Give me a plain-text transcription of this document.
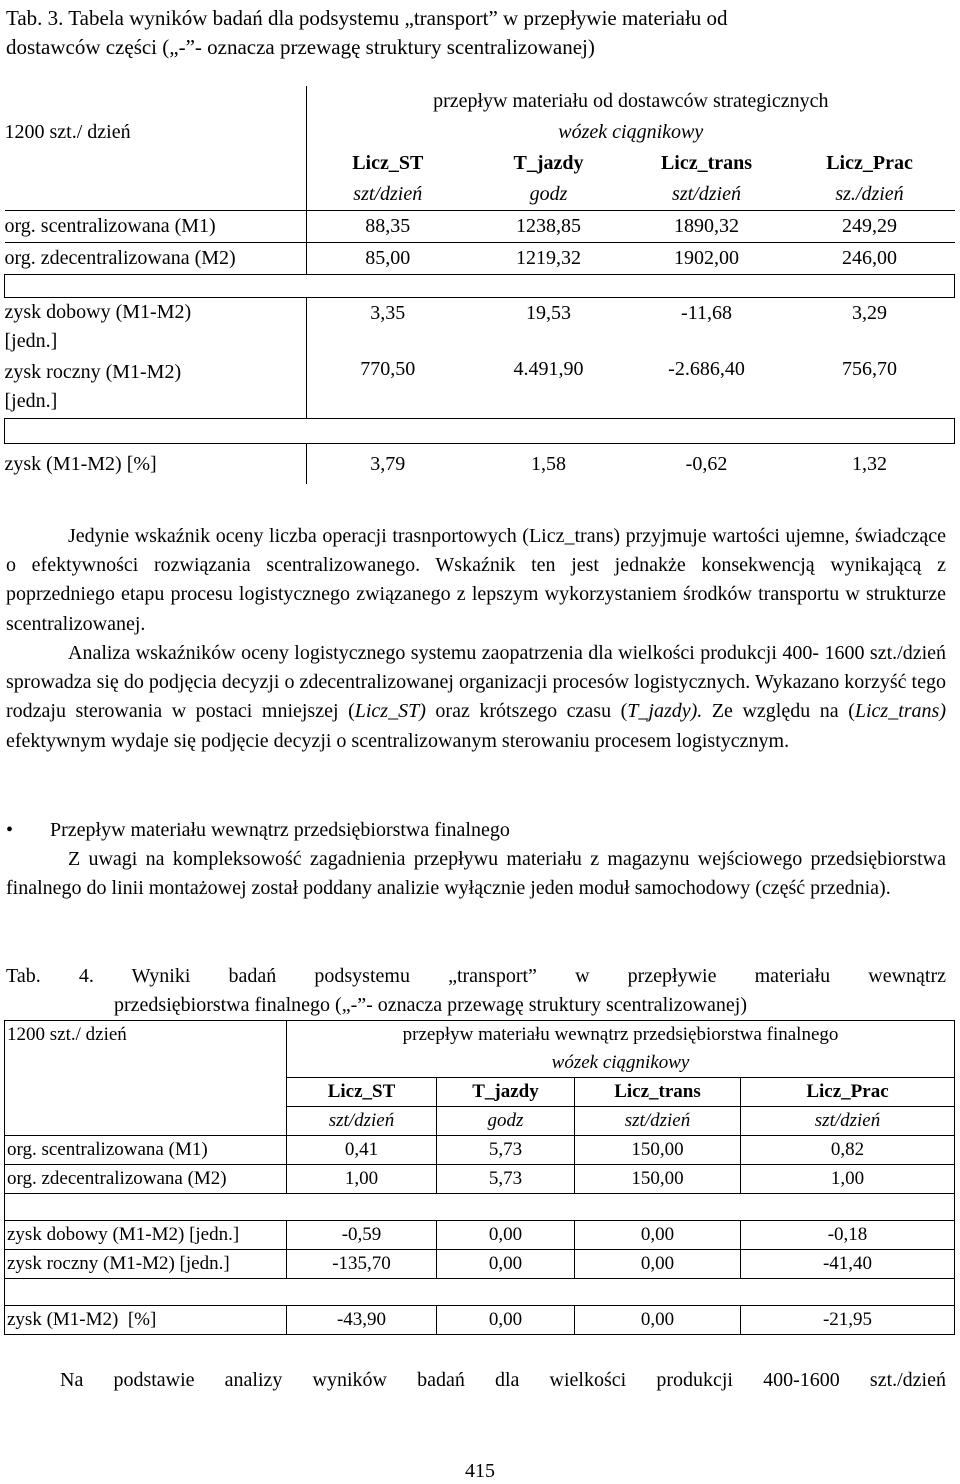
Tab. 3. Tabela wyników badań dla podsystemu „transport” w przepływie materiału od
dostawców części („-”- oznacza przewagę struktury scentralizowanej)
	przepływ materiału od dostawców strategicznych			
1200 szt./ dzień	wózek ciągnikowy			
	Licz_ST	T_jazdy	Licz_trans	Licz_Prac
	szt/dzień	godz	szt/dzień	sz./dzień
org. scentralizowana (M1)	88,35	1238,85	1890,32	249,29
org. zdecentralizowana (M2)	85,00	1219,32	1902,00	246,00

zysk dobowy (M1-M2)
[jedn.]	3,35	19,53	-11,68	3,29

zysk roczny (M1-M2)
[jedn.]	770,50	4.491,90	-2.686,40	756,70

zysk (M1-M2) [%]	3,79	1,58	-0,62	1,32
Jedynie wskaźnik oceny liczba operacji trasnportowych (Licz_trans) przyjmuje wartości ujemne, świadczące o efektywności rozwiązania scentralizowanego. Wskaźnik ten jest jednakże konsekwencją wynikającą z poprzedniego etapu procesu logistycznego związanego z lepszym wykorzystaniem środków transportu w strukturze scentralizowanej.
Analiza wskaźników oceny logistycznego systemu zaopatrzenia dla wielkości produkcji 400- 1600 szt./dzień sprowadza się do podjęcia decyzji o zdecentralizowanej organizacji procesów logistycznych. Wykazano korzyść tego rodzaju sterowania w postaci mniejszej (Licz_ST) oraz krótszego czasu (T_jazdy). Ze względu na (Licz_trans) efektywnym wydaje się podjęcie decyzji o scentralizowanym sterowaniu procesem logistycznym.
• Przepływ materiału wewnątrz przedsiębiorstwa finalnego
Z uwagi na kompleksowość zagadnienia przepływu materiału z magazynu wejściowego przedsiębiorstwa finalnego do linii montażowej został poddany analizie wyłącznie jeden moduł samochodowy (część przednia).
Tab. 4. Wyniki badań podsystemu „transport” w przepływie materiału wewnątrz
przedsiębiorstwa finalnego („-”- oznacza przewagę struktury scentralizowanej)
1200 szt./ dzień	przepływ materiału wewnątrz przedsiębiorstwa finalnego			
	wózek ciągnikowy			
	Licz_ST	T_jazdy	Licz_trans	Licz_Prac
	szt/dzień	godz	szt/dzień	szt/dzień
org. scentralizowana (M1)	0,41	5,73	150,00	0,82
org. zdecentralizowana (M2)	1,00	5,73	150,00	1,00

zysk dobowy (M1-M2) [jedn.]	-0,59	0,00	0,00	-0,18
zysk roczny (M1-M2) [jedn.]	-135,70	0,00	0,00	-41,40

zysk (M1-M2)  [%]	-43,90	0,00	0,00	-21,95
Na podstawie analizy wyników badań dla wielkości produkcji 400-1600 szt./dzień
415
